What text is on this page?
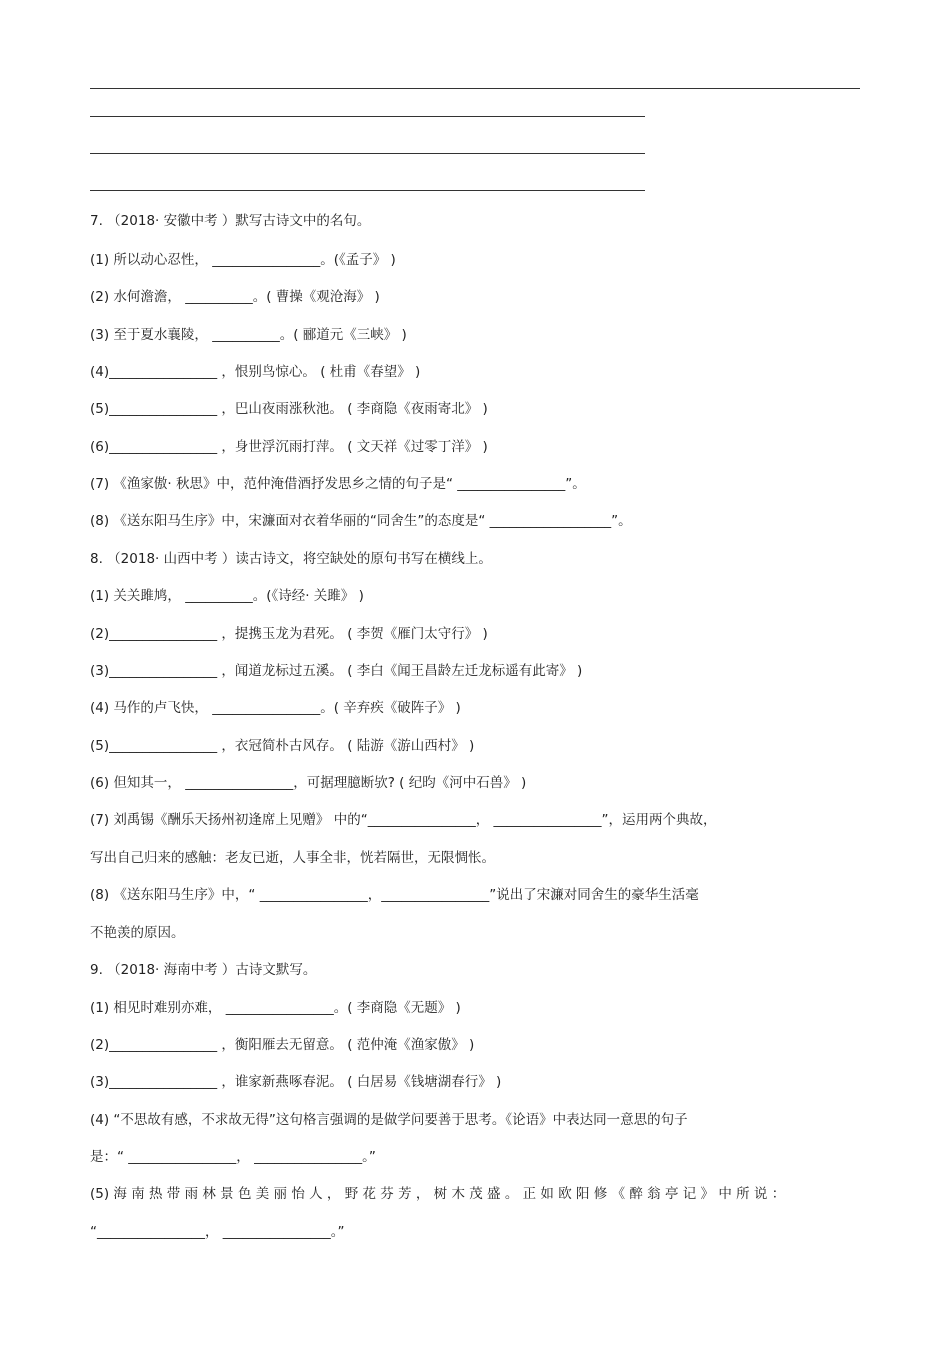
7. （2018· 安徽中考 ）默写古诗文中的名句。
(1) 所以动心忍性， ________________。(《孟子》 )
(2) 水何澹澹， __________。( 曹操《观沧海》 )
(3) 至于夏水襄陵， __________。( 郦道元《三峡》 )
(4)________________ ，恨别鸟惊心。 ( 杜甫《春望》 )
(5)________________ ，巴山夜雨涨秋池。 ( 李商隐《夜雨寄北》 )
(6)________________ ，身世浮沉雨打萍。 ( 文天祥《过零丁洋》 )
(7) 《渔家傲· 秋思》中，范仲淹借酒抒发思乡之情的句子是“ ________________”。
(8) 《送东阳马生序》中，宋濂面对衣着华丽的“同舍生”的态度是“ __________________”。
8. （2018· 山西中考 ）读古诗文，将空缺处的原句书写在横线上。
(1) 关关雎鸠， __________。(《诗经· 关雎》 )
(2)________________ ，提携玉龙为君死。 ( 李贺《雁门太守行》 )
(3)________________ ，闻道龙标过五溪。 ( 李白《闻王昌龄左迁龙标遥有此寄》 )
(4) 马作的卢飞快， ________________。( 辛弃疾《破阵子》 )
(5)________________ ，衣冠简朴古风存。 ( 陆游《游山西村》 )
(6) 但知其一， ________________，可据理臆断欤? ( 纪昀《河中石兽》 )
(7) 刘禹锡《酬乐天扬州初逢席上见赠》 中的“________________， ________________”，运用两个典故，
写出自己归来的感触：老友已逝，人事全非，恍若隔世，无限惆怅。
(8) 《送东阳马生序》中，“ ________________，________________”说出了宋濂对同舍生的豪华生活毫
不艳羡的原因。
9. （2018· 海南中考 ）古诗文默写。
(1) 相见时难别亦难， ________________。( 李商隐《无题》 )
(2)________________ ，衡阳雁去无留意。 ( 范仲淹《渔家傲》 )
(3)________________ ，谁家新燕啄春泥。 ( 白居易《钱塘湖春行》 )
(4) “不思故有感，不求故无得”这句格言强调的是做学问要善于思考。《论语》中表达同一意思的句子
是：“ ________________， ________________。”
(5) 海 南 热 带 雨 林 景 色 美 丽 怡 人 ， 野 花 芬 芳 ， 树 木 茂 盛 。 正 如 欧 阳 修 《 醉 翁 亭 记 》 中 所 说 ：
“________________， ________________。”
